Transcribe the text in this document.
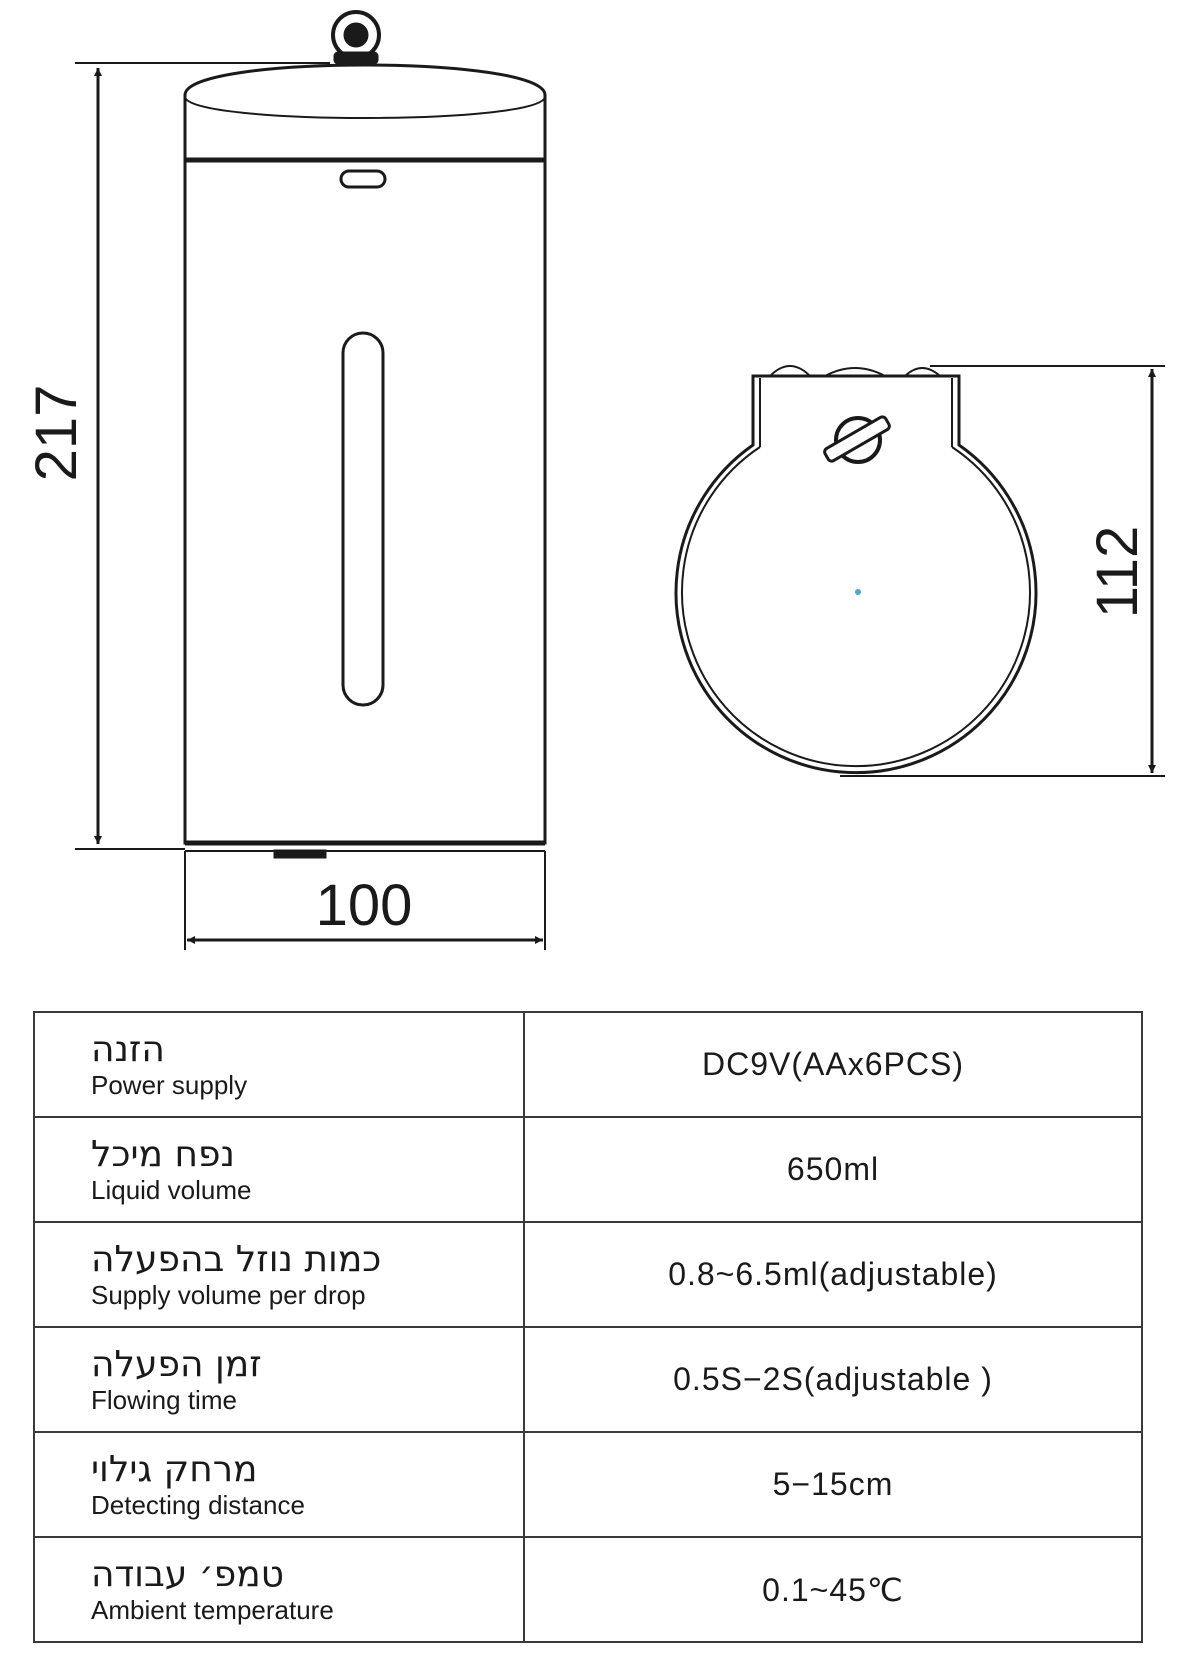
217
100
112
הזנה
Power supply	DC9V(AAx6PCS)

נפח מיכל
Liquid volume	650ml

כמות נוזל בהפעלה
Supply volume per drop	0.8~6.5ml(adjustable)

זמן הפעלה
Flowing time	0.5S−2S(adjustable )

מרחק גילוי
Detecting distance	5−15cm

טמפ׳ עבודה
Ambient temperature	0.1~45℃
